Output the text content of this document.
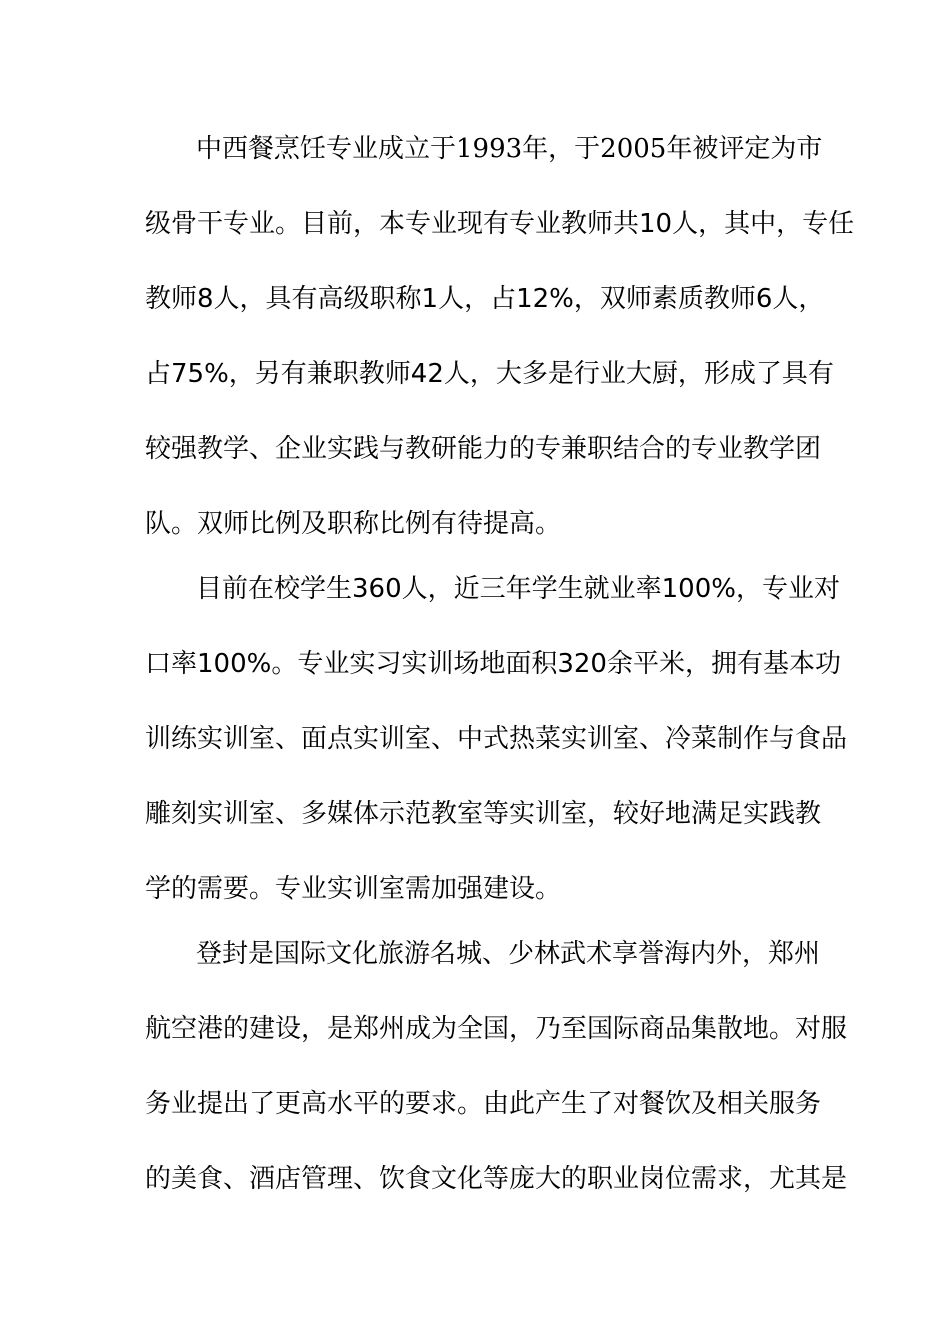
中西餐烹饪专业成立于1993年，于2005年被评定为市
级骨干专业。目前，本专业现有专业教师共10人，其中，专任
教师8人，具有高级职称1人，占12%，双师素质教师6人，
占75%，另有兼职教师42人，大多是行业大厨，形成了具有
较强教学、企业实践与教研能力的专兼职结合的专业教学团
队。双师比例及职称比例有待提高。
目前在校学生360人，近三年学生就业率100%，专业对
口率100%。专业实习实训场地面积320余平米，拥有基本功
训练实训室、面点实训室、中式热菜实训室、冷菜制作与食品
雕刻实训室、多媒体示范教室等实训室，较好地满足实践教
学的需要。专业实训室需加强建设。
登封是国际文化旅游名城、少林武术享誉海内外，郑州
航空港的建设，是郑州成为全国，乃至国际商品集散地。对服
务业提出了更高水平的要求。由此产生了对餐饮及相关服务
的美食、酒店管理、饮食文化等庞大的职业岗位需求，尤其是
